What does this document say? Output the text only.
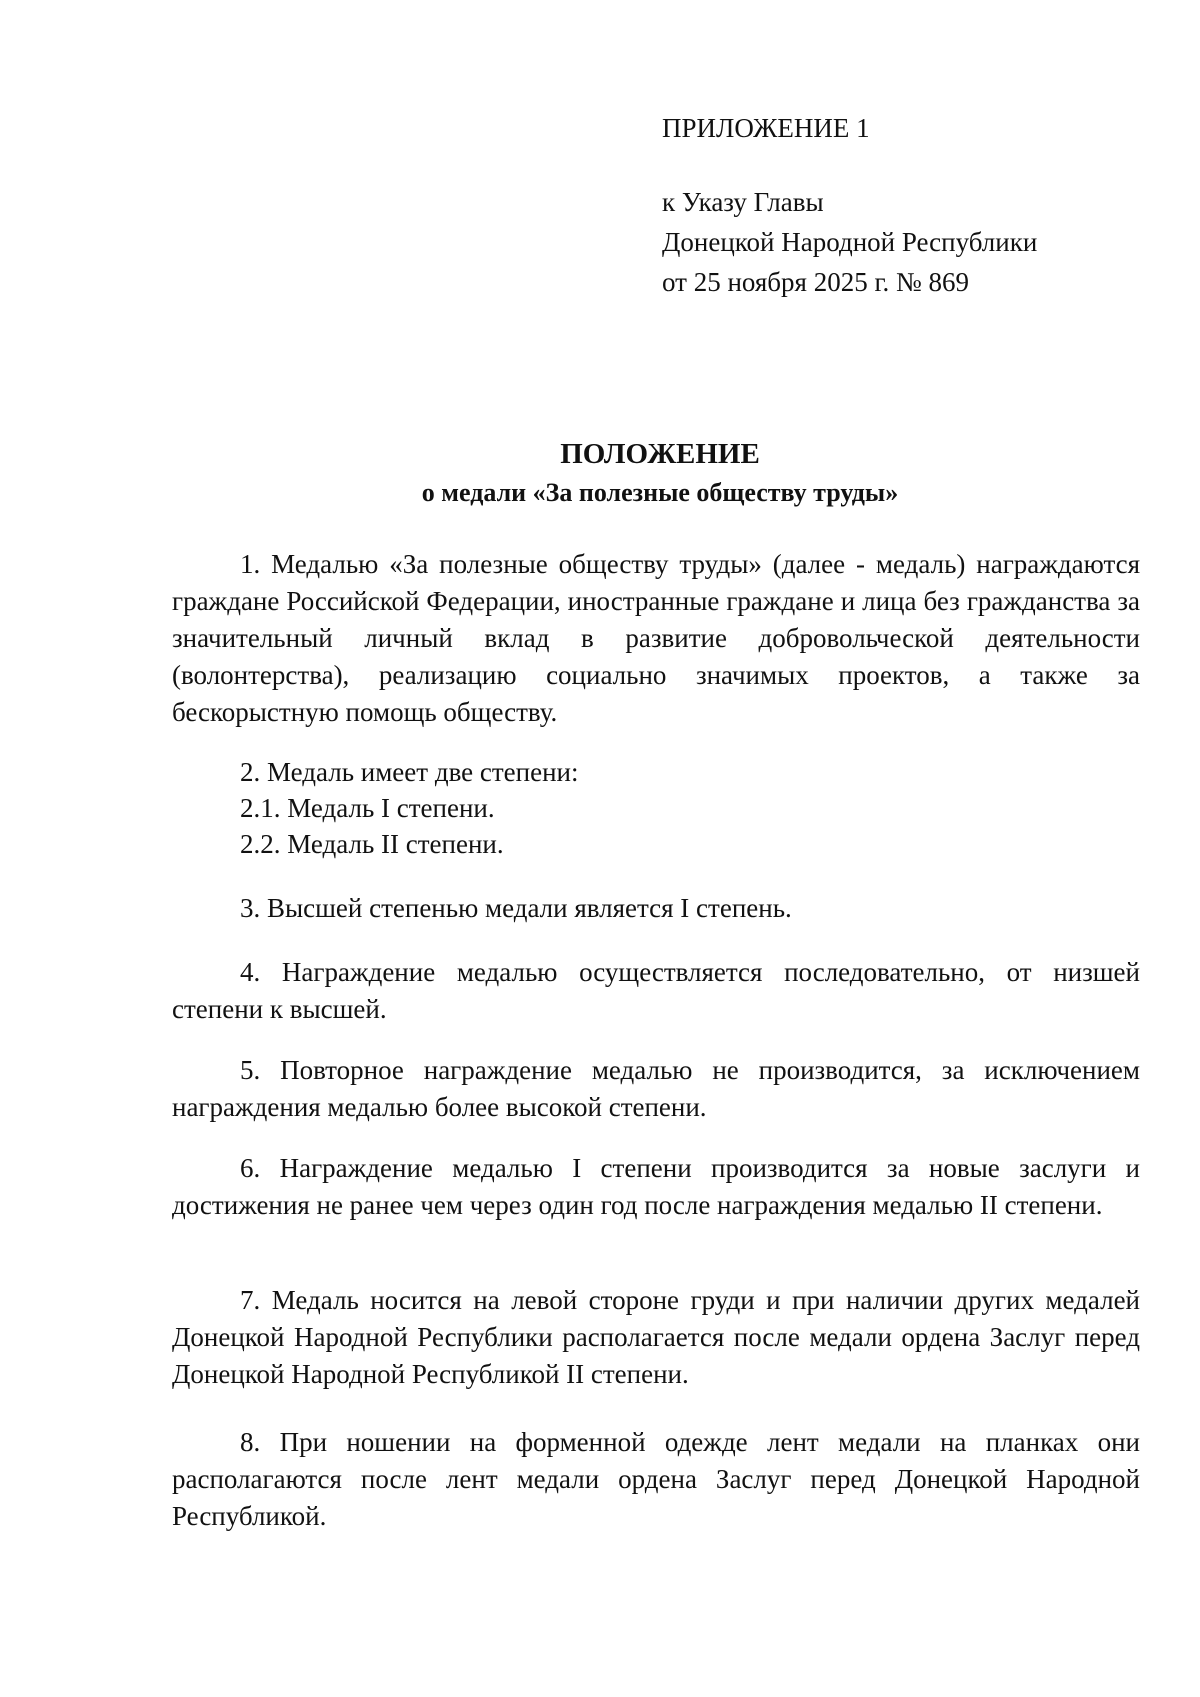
ПРИЛОЖЕНИЕ 1
к Указу Главы
Донецкой Народной Республики
от 25 ноября 2025 г. № 869
ПОЛОЖЕНИЕ
о медали «За полезные обществу труды»

1. Медалью «За полезные обществу труды» (далее - медаль) награждаются граждане Российской Федерации, иностранные граждане и лица без гражданства за значительный личный вклад в развитие добровольческой деятельности (волонтерства), реализацию социально значимых проектов, а также за бескорыстную помощь обществу.

2. Медаль имеет две степени:
2.1. Медаль I степени.
2.2. Медаль II степени.
3. Высшей степенью медали является I степень.

4. Награждение медалью осуществляется последовательно, от низшей степени к высшей.

5. Повторное награждение медалью не производится, за исключением награждения медалью более высокой степени.

6. Награждение медалью I степени производится за новые заслуги и достижения не ранее чем через один год после награждения медалью II степени.

7. Медаль носится на левой стороне груди и при наличии других медалей Донецкой Народной Республики располагается после медали ордена Заслуг перед Донецкой Народной Республикой II степени.

8. При ношении на форменной одежде лент медали на планках они располагаются после лент медали ордена Заслуг перед Донецкой Народной Республикой.
